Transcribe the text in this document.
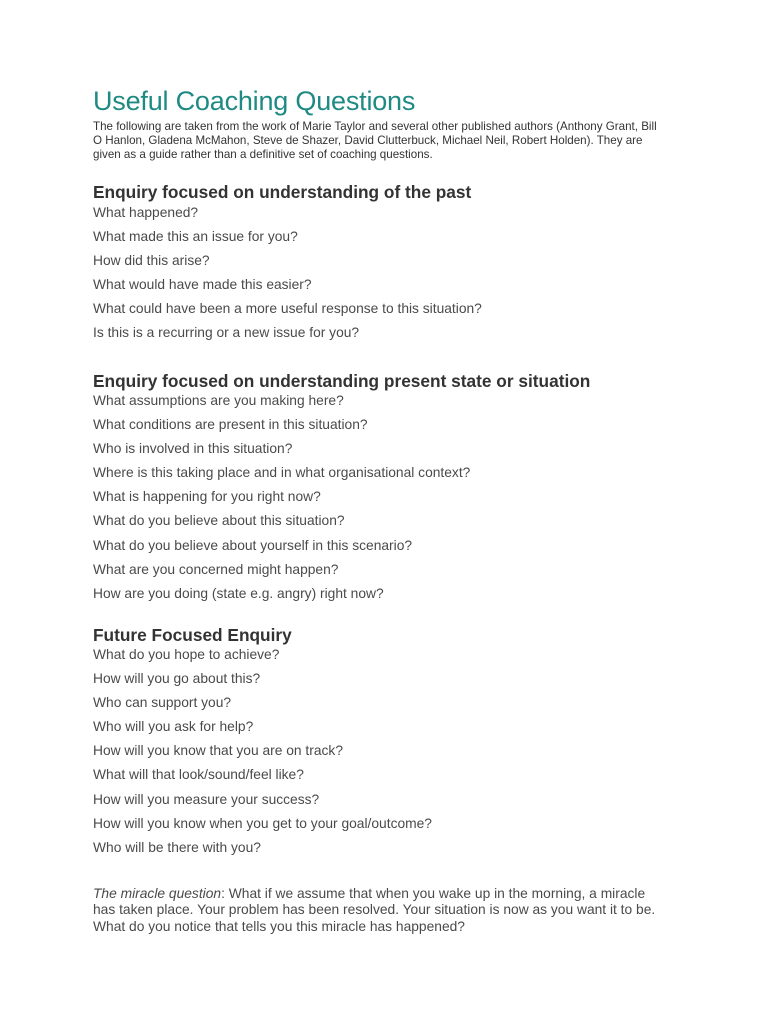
Useful Coaching Questions

The following are taken from the work of Marie Taylor and several other published authors (Anthony Grant, Bill O Hanlon, Gladena McMahon, Steve de Shazer, David Clutterbuck, Michael Neil, Robert Holden). They are given as a guide rather than a definitive set of coaching questions.

Enquiry focused on understanding of the past
What happened?
What made this an issue for you?
How did this arise?
What would have made this easier?
What could have been a more useful response to this situation?
Is this is a recurring or a new issue for you?
Enquiry focused on understanding present state or situation
What assumptions are you making here?
What conditions are present in this situation?
Who is involved in this situation?
Where is this taking place and in what organisational context?
What is happening for you right now?
What do you believe about this situation?
What do you believe about yourself in this scenario?
What are you concerned might happen?
How are you doing (state e.g. angry) right now?
Future Focused Enquiry
What do you hope to achieve?
How will you go about this?
Who can support you?
Who will you ask for help?
How will you know that you are on track?
What will that look/sound/feel like?
How will you measure your success?
How will you know when you get to your goal/outcome?
Who will be there with you?

The miracle question: What if we assume that when you wake up in the morning, a miracle has taken place. Your problem has been resolved. Your situation is now as you want it to be. What do you notice that tells you this miracle has happened?
